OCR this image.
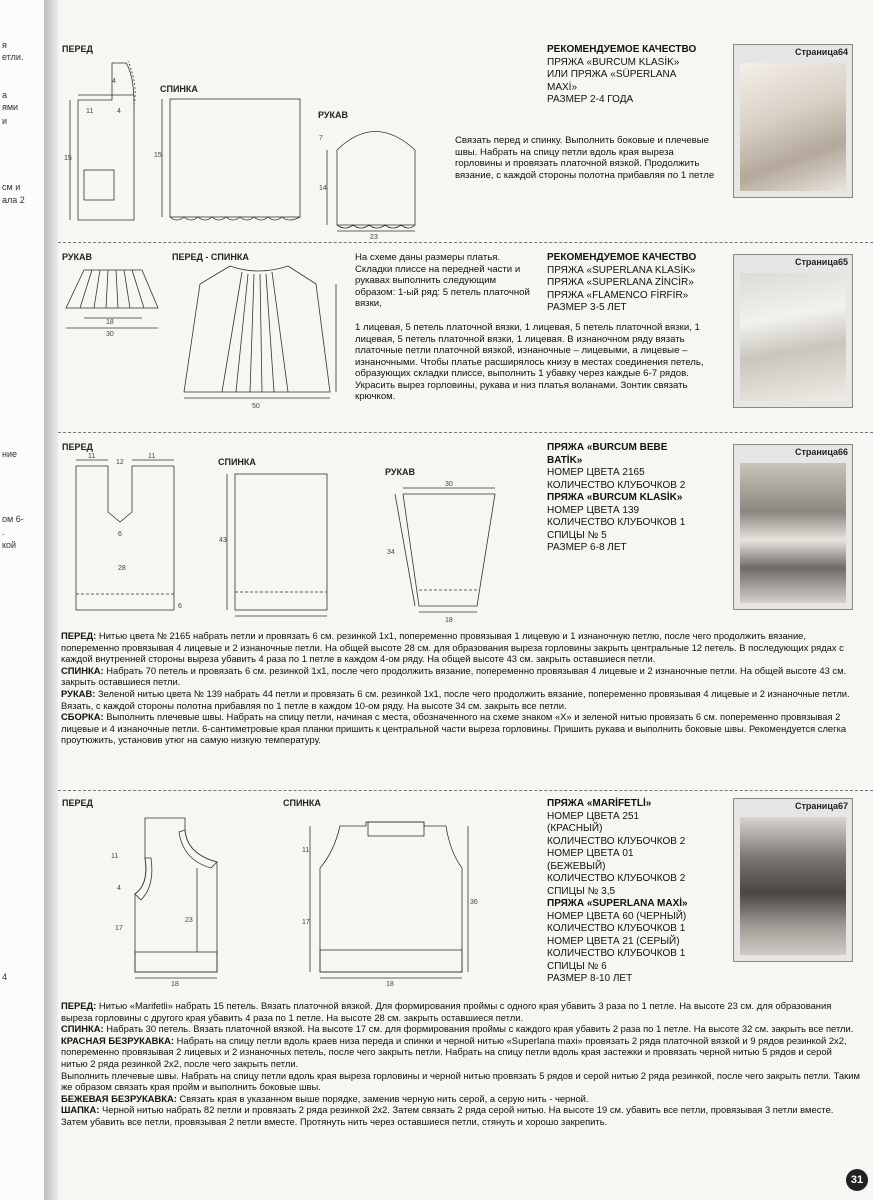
я
етли.
а
ями
и
см и
ала 2
ние
ом 6-
.
кой
4
ПЕРЕД
СПИНКА
РУКАВ
15
11	4
4
15
23
14
7
РЕКОМЕНДУЕМОЕ КАЧЕСТВО
ПРЯЖА «BURCUM KLASİK»
ИЛИ ПРЯЖА «SÜPERLANA
MAXİ»
РАЗМЕР 2-4 ГОДА
Связать перед и спинку. Выполнить боковые и плечевые швы. Набрать на спицу петли вдоль края выреза горловины и провязать платочной вязкой. Продолжить вязание, с каждой стороны полотна прибавляя по 1 петле
Страница64
РУКАВ	ПЕРЕД - СПИНКА
18
30
50
На схеме даны размеры платья. Складки плиссе на передней части и рукавах выполнить следующим образом: 1-ый ряд: 5 петель платочной вязки,
1 лицевая, 5 петель платочной вязки, 1 лицевая, 5 петель платочной вязки, 1 лицевая, 5 петель платочной вязки, 1 лицевая. В изнаночном ряду вязать платочные петли платочной вязкой, изнаночные – лицевыми, а лицевые – изнаночными. Чтобы платье расширялось книзу в местах соединения петель, образующих складки плиссе, выполнить 1 убавку через каждые 6-7 рядов. Украсить вырез горловины, рукава и низ платья воланами. Зонтик связать крючком.
РЕКОМЕНДУЕМОЕ КАЧЕСТВО
ПРЯЖА «SUPERLANA KLASİK»
ПРЯЖА «SUPERLANA ZİNCİR»
ПРЯЖА «FLAMENCO FİRFİR»
РАЗМЕР 3-5 ЛЕТ
Страница65
ПЕРЕД
СПИНКА
РУКАВ
11
12
11
6
28
6
43
30
34
18
ПРЯЖА «BURCUM BEBE
BATİK»
НОМЕР ЦВЕТА 2165
КОЛИЧЕСТВО КЛУБОЧКОВ 2
ПРЯЖА «BURCUM KLASİK»
НОМЕР ЦВЕТА 139
КОЛИЧЕСТВО КЛУБОЧКОВ 1
СПИЦЫ № 5
РАЗМЕР 6-8 ЛЕТ
Страница66

ПЕРЕД: Нитью цвета № 2165 набрать петли и провязать 6 см. резинкой 1х1, попеременно провязывая 1 лицевую и 1 изнаночную петлю, после чего продолжить вязание, попеременно провязывая 4 лицевые и 2 изнаночные петли. На общей высоте 28 см. для образования выреза горловины закрыть центральные 12 петель. В последующих рядах с каждой внутренней стороны выреза убавить 4 раза по 1 петле в каждом 4-ом ряду. На общей высоте 43 см. закрыть оставшиеся петли.

СПИНКА: Набрать 70 петель и провязать 6 см. резинкой 1х1, после чего продолжить вязание, попеременно провязывая 4 лицевые и 2 изнаночные петли. На общей высоте 43 см. закрыть оставшиеся петли.

РУКАВ: Зеленой нитью цвета № 139 набрать 44 петли и провязать 6 см. резинкой 1х1, после чего продолжить вязание, попеременно провязывая 4 лицевые и 2 изнаночные петли. Вязать, с каждой стороны полотна прибавляя по 1 петле в каждом 10-ом ряду. На высоте 34 см. закрыть все петли.

СБОРКА: Выполнить плечевые швы. Набрать на спицу петли, начиная с места, обозначенного на схеме знаком «Х» и зеленой нитью провязать 6 см. попеременно провязывая 2 лицевые и 4 изнаночные петли. 6-сантиметровые края планки пришить к центральной части выреза горловины. Пришить рукава и выполнить боковые швы. Рекомендуется слегка проутюжить, установив утюг на самую низкую температуру.

ПЕРЕД	СПИНКА
18
11
4
17
23
18
11
17
36
ПРЯЖА «MARİFETLİ»
НОМЕР ЦВЕТА 251
(КРАСНЫЙ)
КОЛИЧЕСТВО КЛУБОЧКОВ 2
НОМЕР ЦВЕТА 01
(БЕЖЕВЫЙ)
КОЛИЧЕСТВО КЛУБОЧКОВ 2
СПИЦЫ № 3,5
ПРЯЖА «SUPERLANA MAXİ»
НОМЕР ЦВЕТА 60 (ЧЕРНЫЙ)
КОЛИЧЕСТВО КЛУБОЧКОВ 1
НОМЕР ЦВЕТА 21 (СЕРЫЙ)
КОЛИЧЕСТВО КЛУБОЧКОВ 1
СПИЦЫ № 6
РАЗМЕР 8-10 ЛЕТ
Страница67

ПЕРЕД: Нитью «Marifetli» набрать 15 петель. Вязать платочной вязкой. Для формирования проймы с одного края убавить 3 раза по 1 петле. На высоте 23 см. для образования выреза горловины с другого края убавить 4 раза по 1 петле. На высоте 28 см. закрыть оставшиеся петли.

СПИНКА: Набрать 30 петель. Вязать платочной вязкой. На высоте 17 см. для формирования проймы с каждого края убавить 2 раза по 1 петле. На высоте 32 см. закрыть все петли.

КРАСНАЯ БЕЗРУКАВКА: Набрать на спицу петли вдоль краев низа переда и спинки и черной нитью «SuperIana maxi» провязать 2 ряда платочной вязкой и 9 рядов резинкой 2х2, попеременно провязывая 2 лицевых и 2 изнаночных петель, после чего закрыть петли. Набрать на спицу петли вдоль края застежки и провязать черной нитью 5 рядов и серой нитью 2 ряда резинкой 2х2, после чего закрыть петли.

Выполнить плечевые швы. Набрать на спицу петли вдоль края выреза горловины и черной нитью провязать 5 рядов и серой нитью 2 ряда резинкой, после чего закрыть петли. Таким же образом связать края пройм и выполнить боковые швы.

БЕЖЕВАЯ БЕЗРУКАВКА: Связать края в указанном выше порядке, заменив черную нить серой, а серую нить - черной.

ШАПКА: Черной нитью набрать 82 петли и провязать 2 ряда резинкой 2х2. Затем связать 2 ряда серой нитью. На высоте 19 см. убавить все петли, провязывая 3 петли вместе. Затем убавить все петли, провязывая 2 петли вместе. Протянуть нить через оставшиеся петли, стянуть и хорошо закрепить.

31
